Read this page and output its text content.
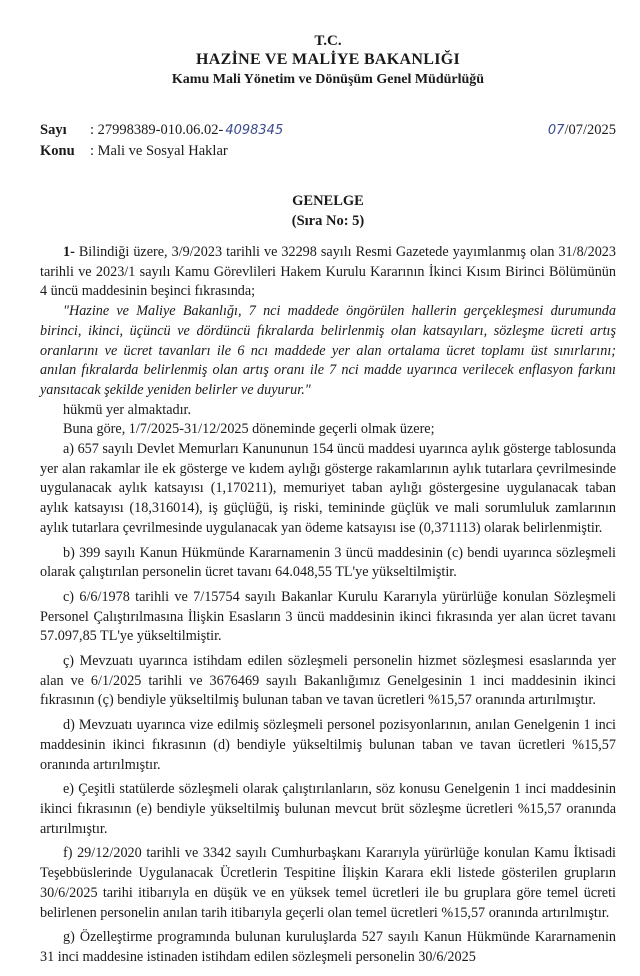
T.C.
HAZİNE VE MALİYE BAKANLIĞI
Kamu Mali Yönetim ve Dönüşüm Genel Müdürlüğü
Sayı	:
27998389-010.06.02- 4098345
Konu	:
Mali ve Sosyal Haklar
07/07/2025
GENELGE
(Sıra No: 5)

1- Bilindiği üzere, 3/9/2023 tarihli ve 32298 sayılı Resmi Gazetede yayımlanmış olan 31/8/2023 tarihli ve 2023/1 sayılı Kamu Görevlileri Hakem Kurulu Kararının İkinci Kısım Birinci Bölümünün 4 üncü maddesinin beşinci fıkrasında;

"Hazine ve Maliye Bakanlığı, 7 nci maddede öngörülen hallerin gerçekleşmesi durumunda birinci, ikinci, üçüncü ve dördüncü fıkralarda belirlenmiş olan katsayıları, sözleşme ücreti artış oranlarını ve ücret tavanları ile 6 ncı maddede yer alan ortalama ücret toplamı üst sınırlarını; anılan fıkralarda belirlenmiş olan artış oranı ile 7 nci madde uyarınca verilecek enflasyon farkını yansıtacak şekilde yeniden belirler ve duyurur."

hükmü yer almaktadır.

Buna göre, 1/7/2025-31/12/2025 döneminde geçerli olmak üzere;

a) 657 sayılı Devlet Memurları Kanununun 154 üncü maddesi uyarınca aylık gösterge tablosunda yer alan rakamlar ile ek gösterge ve kıdem aylığı gösterge rakamlarının aylık tutarlara çevrilmesinde uygulanacak aylık katsayısı (1,170211), memuriyet taban aylığı göstergesine uygulanacak taban aylık katsayısı (18,316014), iş güçlüğü, iş riski, temininde güçlük ve mali sorumluluk zamlarının aylık tutarlara çevrilmesinde uygulanacak yan ödeme katsayısı ise (0,371113) olarak belirlenmiştir.

b) 399 sayılı Kanun Hükmünde Kararnamenin 3 üncü maddesinin (c) bendi uyarınca sözleşmeli olarak çalıştırılan personelin ücret tavanı 64.048,55 TL'ye yükseltilmiştir.

c) 6/6/1978 tarihli ve 7/15754 sayılı Bakanlar Kurulu Kararıyla yürürlüğe konulan Sözleşmeli Personel Çalıştırılmasına İlişkin Esasların 3 üncü maddesinin ikinci fıkrasında yer alan ücret tavanı 57.097,85 TL'ye yükseltilmiştir.

ç) Mevzuatı uyarınca istihdam edilen sözleşmeli personelin hizmet sözleşmesi esaslarında yer alan ve 6/1/2025 tarihli ve 3676469 sayılı Bakanlığımız Genelgesinin 1 inci maddesinin ikinci fıkrasının (ç) bendiyle yükseltilmiş bulunan taban ve tavan ücretleri %15,57 oranında artırılmıştır.

d) Mevzuatı uyarınca vize edilmiş sözleşmeli personel pozisyonlarının, anılan Genelgenin 1 inci maddesinin ikinci fıkrasının (d) bendiyle yükseltilmiş bulunan taban ve tavan ücretleri %15,57 oranında artırılmıştır.

e) Çeşitli statülerde sözleşmeli olarak çalıştırılanların, söz konusu Genelgenin 1 inci maddesinin ikinci fıkrasının (e) bendiyle yükseltilmiş bulunan mevcut brüt sözleşme ücretleri %15,57 oranında artırılmıştır.

f) 29/12/2020 tarihli ve 3342 sayılı Cumhurbaşkanı Kararıyla yürürlüğe konulan Kamu İktisadi Teşebbüslerinde Uygulanacak Ücretlerin Tespitine İlişkin Karara ekli listede gösterilen grupların 30/6/2025 tarihi itibarıyla en düşük ve en yüksek temel ücretleri ile bu gruplara göre temel ücreti belirlenen personelin anılan tarih itibarıyla geçerli olan temel ücretleri %15,57 oranında artırılmıştır.

g) Özelleştirme programında bulunan kuruluşlarda 527 sayılı Kanun Hükmünde Kararnamenin 31 inci maddesine istinaden istihdam edilen sözleşmeli personelin 30/6/2025
